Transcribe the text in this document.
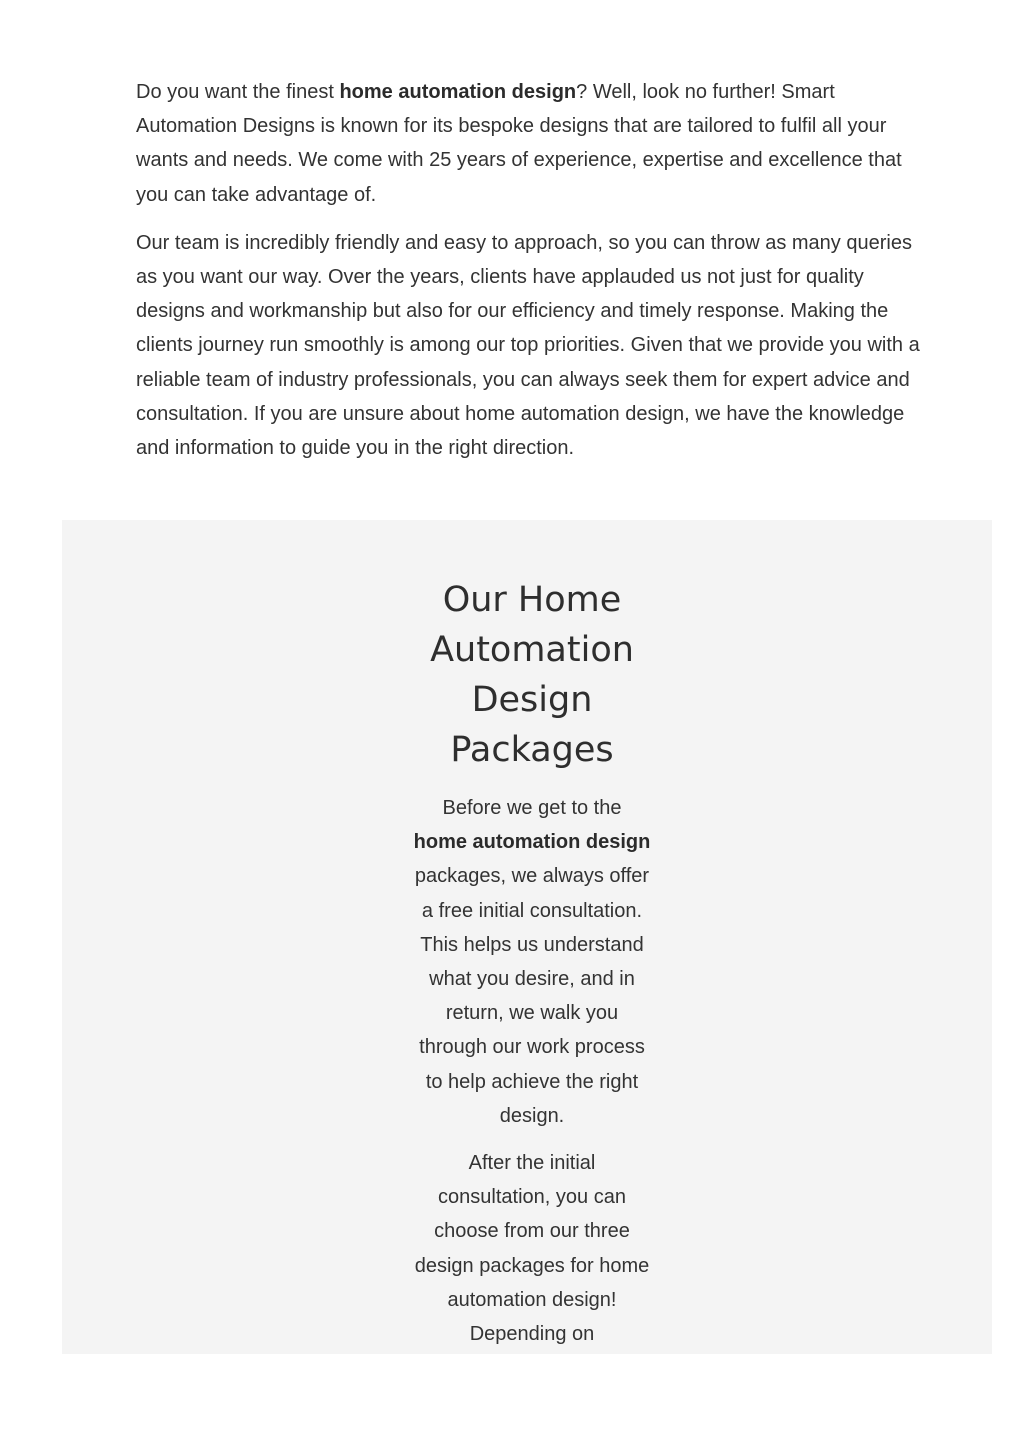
Do you want the finest home automation design? Well, look no further! Smart Automation Designs is known for its bespoke designs that are tailored to fulfil all your wants and needs. We come with 25 years of experience, expertise and excellence that you can take advantage of.

Our team is incredibly friendly and easy to approach, so you can throw as many queries as you want our way. Over the years, clients have applauded us not just for quality designs and workmanship but also for our efficiency and timely response. Making the clients journey run smoothly is among our top priorities. Given that we provide you with a reliable team of industry professionals, you can always seek them for expert advice and consultation. If you are unsure about home automation design, we have the knowledge and information to guide you in the right direction.

Our Home Automation Design Packages

Before we get to the home automation design packages, we always offer a free initial consultation. This helps us understand what you desire, and in return, we walk you through our work process to help achieve the right design.

After the initial consultation, you can choose from our three design packages for home automation design! Depending on
